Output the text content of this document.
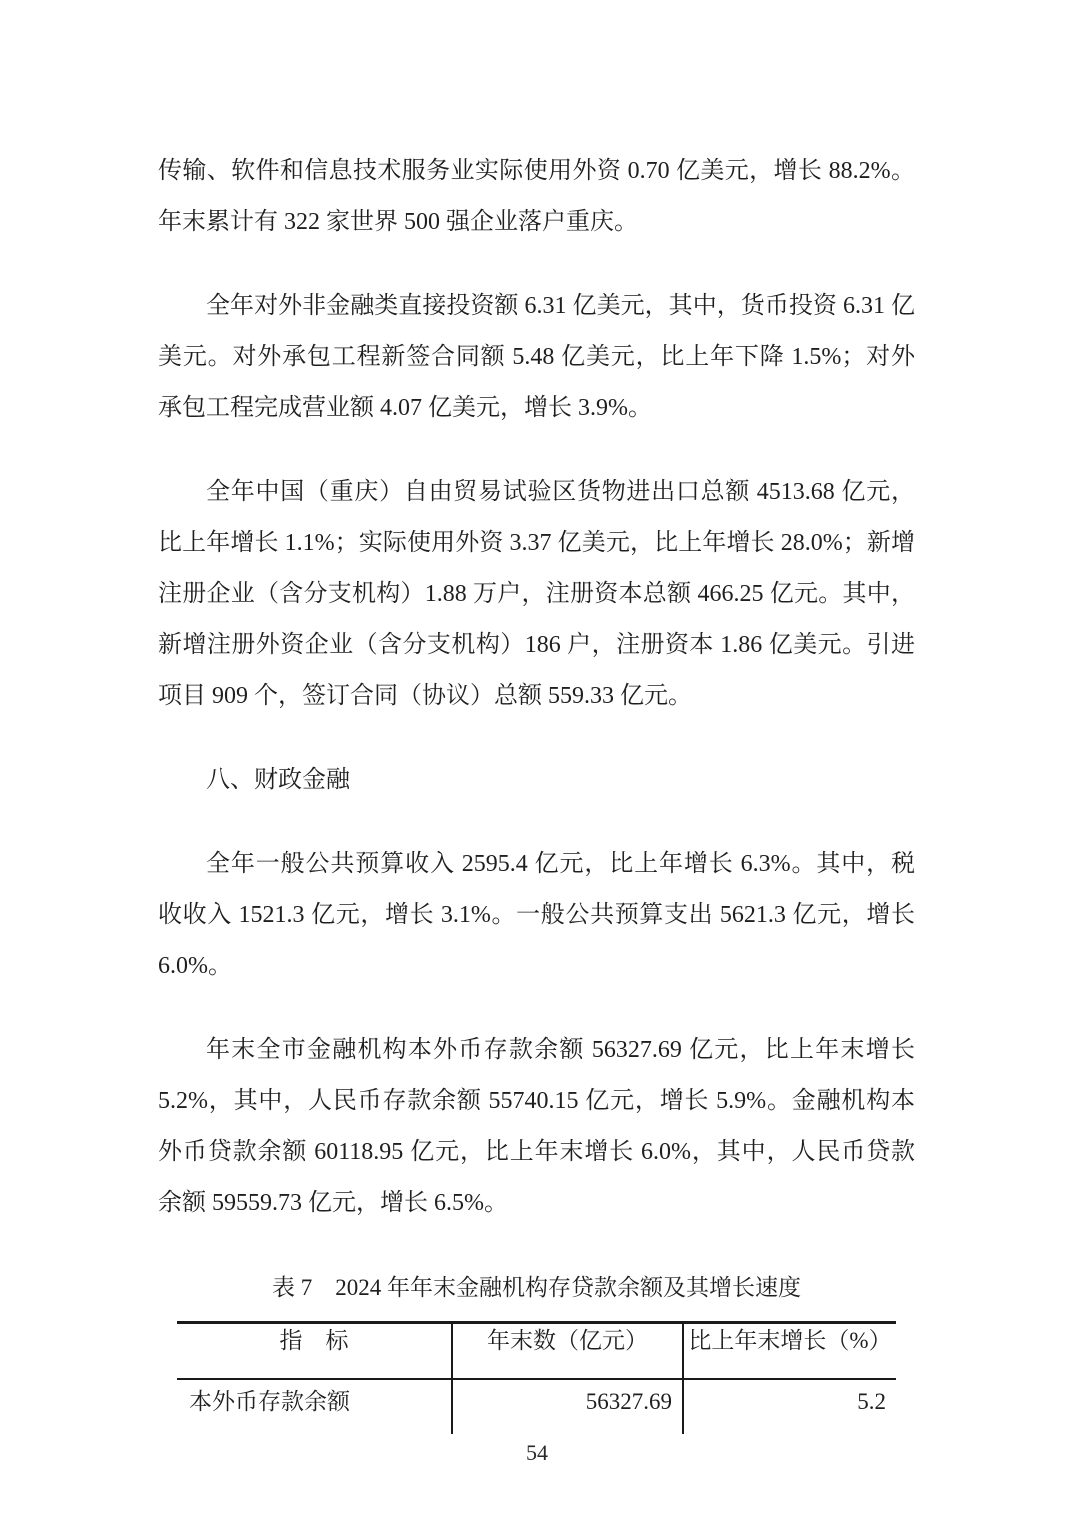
传输、软件和信息技术服务业实际使用外资 0.70 亿美元，增长 88.2%。年末累计有 322 家世界 500 强企业落户重庆。

全年对外非金融类直接投资额 6.31 亿美元，其中，货币投资 6.31 亿美元。对外承包工程新签合同额 5.48 亿美元，比上年下降 1.5%；对外承包工程完成营业额 4.07 亿美元，增长 3.9%。

全年中国（重庆）自由贸易试验区货物进出口总额 4513.68 亿元，比上年增长 1.1%；实际使用外资 3.37 亿美元，比上年增长 28.0%；新增注册企业（含分支机构）1.88 万户，注册资本总额 466.25 亿元。其中，新增注册外资企业（含分支机构）186 户，注册资本 1.86 亿美元。引进项目 909 个，签订合同（协议）总额 559.33 亿元。

八、财政金融

全年一般公共预算收入 2595.4 亿元，比上年增长 6.3%。其中，税收收入 1521.3 亿元，增长 3.1%。一般公共预算支出 5621.3 亿元，增长 6.0%。

年末全市金融机构本外币存款余额 56327.69 亿元，比上年末增长 5.2%，其中，人民币存款余额 55740.15 亿元，增长 5.9%。金融机构本外币贷款余额 60118.95 亿元，比上年末增长 6.0%，其中，人民币贷款余额 59559.73 亿元，增长 6.5%。

表 7　2024 年年末金融机构存贷款余额及其增长速度
指　标	年末数（亿元）	比上年末增长（%）
本外币存款余额	56327.69	5.2
54
